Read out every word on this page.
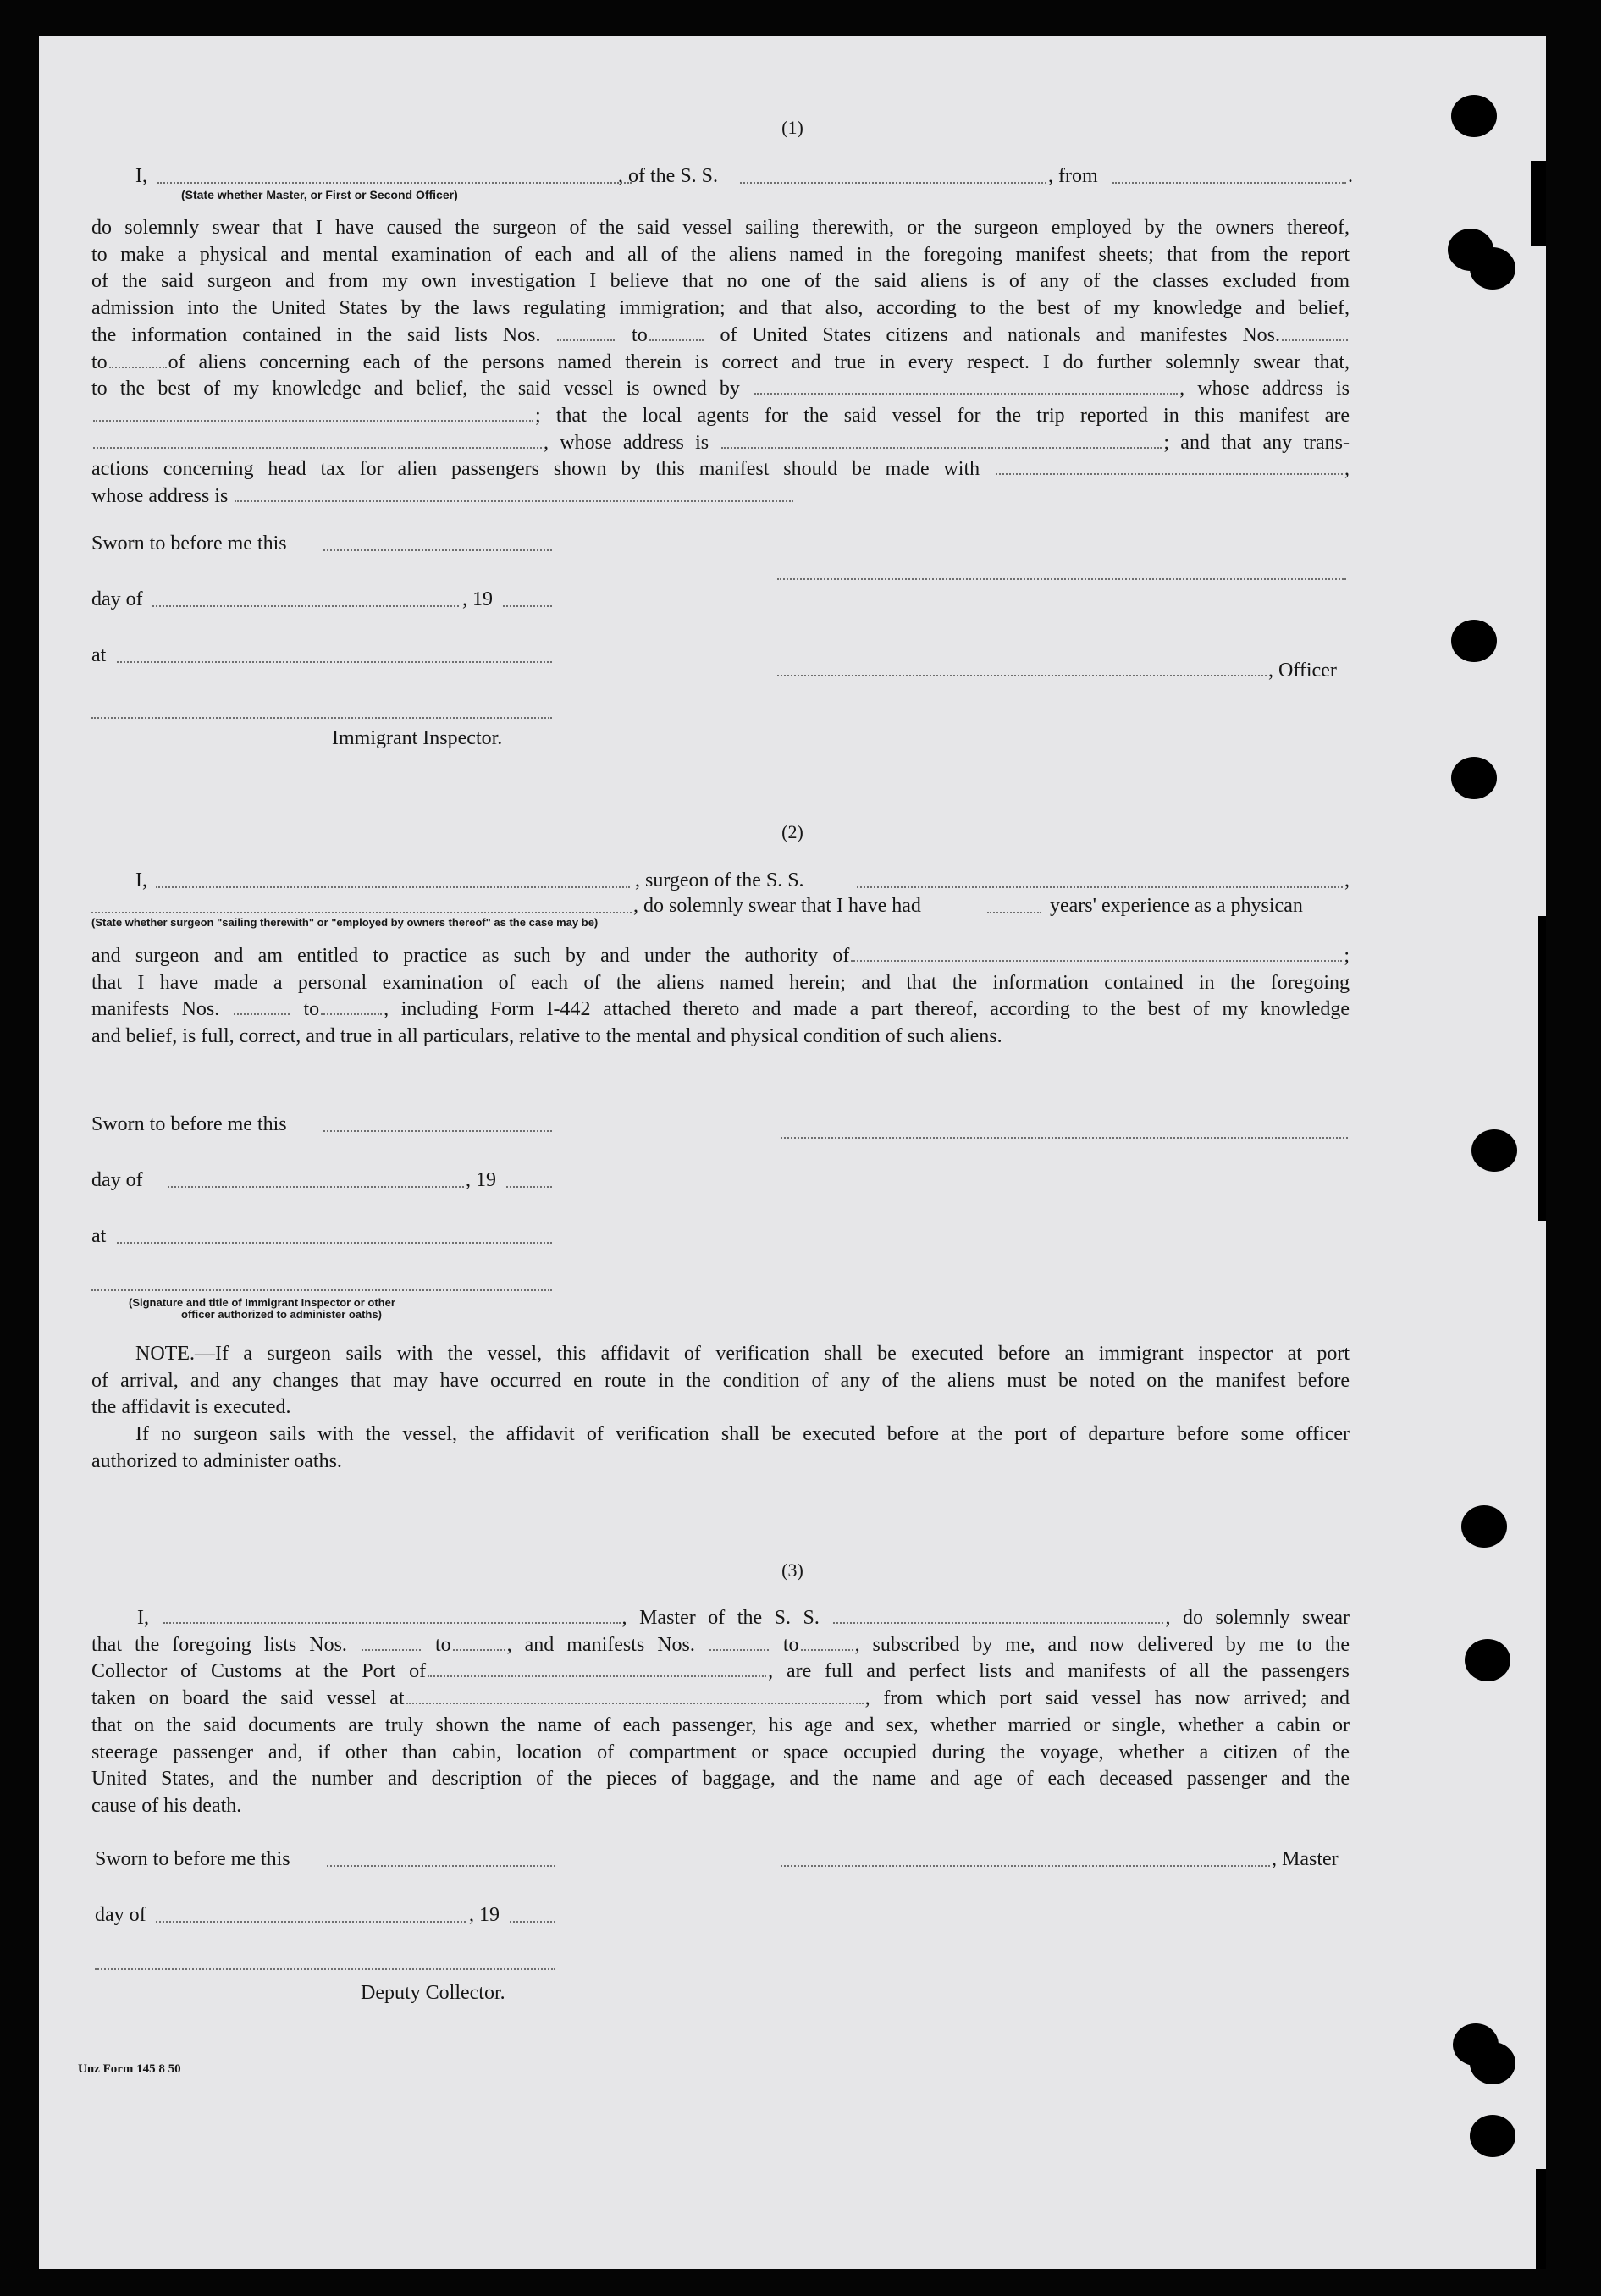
(1)
I,	, of the S. S.	, from	.
(State whether Master, or First or Second Officer)
do solemnly swear that I have caused the surgeon of the said vessel sailing therewith, or the surgeon employed by the owners thereof,
to make a physical and mental examination of each and all of the aliens named in the foregoing manifest sheets; that from the report
of the said surgeon and from my own investigation I believe that no one of the said aliens is of any of the classes excluded from
admission into the United States by the laws regulating immigration; and that also, according to the best of my knowledge and belief,
the information contained in the said lists Nos.	to	of United States citizens and nationals and manifestes Nos.
to	of aliens concerning each of the persons named therein is correct and true in every respect. I do further solemnly swear that,
to the best of my knowledge and belief, the said vessel is owned by	, whose address is
; that the local agents for the said vessel for the trip reported in this manifest are
, whose address is	; and that any trans-
actions concerning head tax for alien passengers shown by this manifest should be made with	,
whose address is
Sworn to before me this
day of	, 19
at
, Officer
Immigrant Inspector.
(2)
I,	, surgeon of the S. S.	,
, do solemnly swear that I have had	years' experience as a physican
(State whether surgeon "sailing therewith" or "employed by owners thereof" as the case may be)
and surgeon and am entitled to practice as such by and under the authority of	;
that I have made a personal examination of each of the aliens named herein; and that the information contained in the foregoing
manifests Nos.	to	, including Form I-442 attached thereto and made a part thereof, according to the best of my knowledge
and belief, is full, correct, and true in all particulars, relative to the mental and physical condition of such aliens.
Sworn to before me this
day of	, 19
at
(Signature and title of Immigrant Inspector or other
officer authorized to administer oaths)
NOTE.—If a surgeon sails with the vessel, this affidavit of verification shall be executed before an immigrant inspector at port
of arrival, and any changes that may have occurred en route in the condition of any of the aliens must be noted on the manifest before
the affidavit is executed.
If no surgeon sails with the vessel, the affidavit of verification shall be executed before at the port of departure before some officer
authorized to administer oaths.
(3)
I,	, Master of the S. S.	, do solemnly swear
that the foregoing lists Nos.	to	, and manifests Nos.	to	, subscribed by me, and now delivered by me to the
Collector of Customs at the Port of	, are full and perfect lists and manifests of all the passengers
taken on board the said vessel at	, from which port said vessel has now arrived; and
that on the said documents are truly shown the name of each passenger, his age and sex, whether married or single, whether a cabin or
steerage passenger and, if other than cabin, location of compartment or space occupied during the voyage, whether a citizen of the
United States, and the number and description of the pieces of baggage, and the name and age of each deceased passenger and the
cause of his death.
Sworn to before me this	, Master
day of	, 19
Deputy Collector.
Unz Form 145 8 50
